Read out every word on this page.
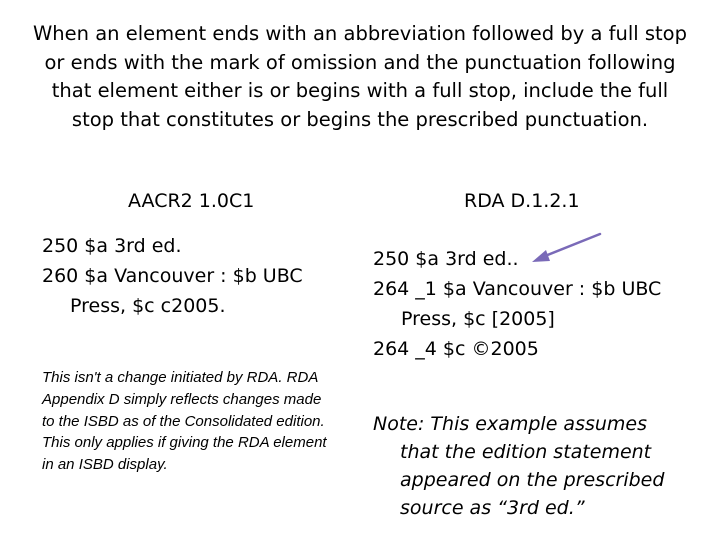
When an element ends with an abbreviation followed by a full stop or ends with the mark of omission and the punctuation following that element either is or begins with a full stop, include the full stop that constitutes or begins the prescribed punctuation.
AACR2 1.0C1	RDA D.1.2.1
250 $a 3rd ed.
260 $a Vancouver : $b UBC
Press, $c c2005.
250 $a 3rd ed..
264 _1 $a Vancouver : $b UBC
Press, $c [2005]
264 _4 $c ©2005
This isn't a change initiated by RDA. RDA Appendix D simply reflects changes made to the ISBD as of the Consolidated edition. This only applies if giving the RDA element in an ISBD display.
Note: This example assumes
that the edition statement
appeared on the prescribed
source as “3rd ed.”
